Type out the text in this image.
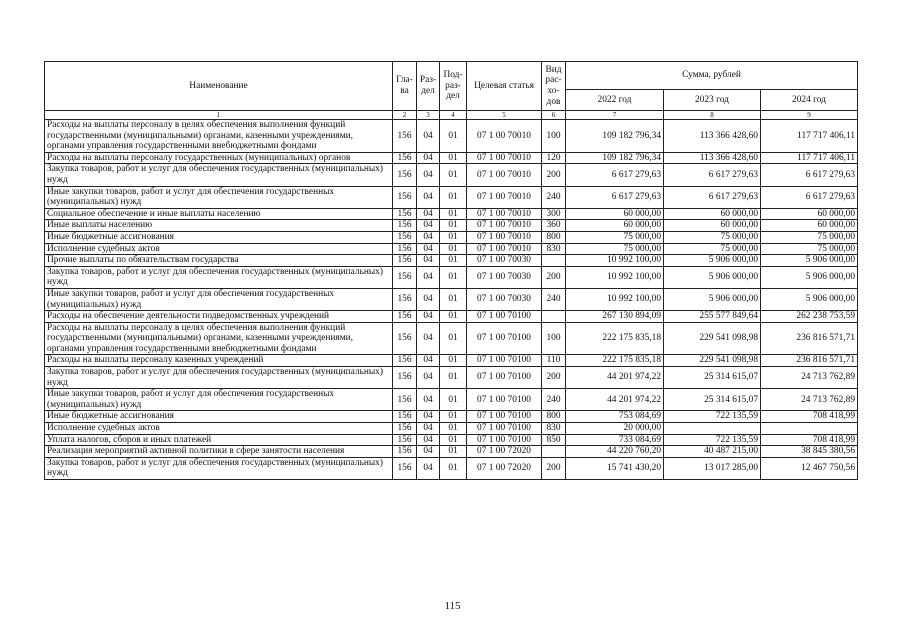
Наименование	Гла-ва	Раз-дел	Под-раз-дел	Целевая статья	Вид рас-хо-дов	Сумма, рублей		
						2022 год	2023 год	2024 год
1	2	3	4	5	6	7	8	9
Расходы на выплаты персоналу в целях обеспечения выполнения функций государственными (муниципальными) органами, казенными учреждениями, органами управления государственными внебюджетными фондами	156	04	01	07 1 00 70010	100	109 182 796,34	113 366 428,60	117 717 406,11
Расходы на выплаты персоналу государственных (муниципальных) органов	156	04	01	07 1 00 70010	120	109 182 796,34	113 366 428,60	117 717 406,11
Закупка товаров, работ и услуг для обеспечения государственных (муниципальных) нужд	156	04	01	07 1 00 70010	200	6 617 279,63	6 617 279,63	6 617 279,63
Иные закупки товаров, работ и услуг для обеспечения государственных (муниципальных) нужд	156	04	01	07 1 00 70010	240	6 617 279,63	6 617 279,63	6 617 279,63
Социальное обеспечение и иные выплаты населению	156	04	01	07 1 00 70010	300	60 000,00	60 000,00	60 000,00
Иные выплаты населению	156	04	01	07 1 00 70010	360	60 000,00	60 000,00	60 000,00
Иные бюджетные ассигнования	156	04	01	07 1 00 70010	800	75 000,00	75 000,00	75 000,00
Исполнение судебных актов	156	04	01	07 1 00 70010	830	75 000,00	75 000,00	75 000,00
Прочие выплаты по обязательствам государства	156	04	01	07 1 00 70030		10 992 100,00	5 906 000,00	5 906 000,00
Закупка товаров, работ и услуг для обеспечения государственных (муниципальных) нужд	156	04	01	07 1 00 70030	200	10 992 100,00	5 906 000,00	5 906 000,00
Иные закупки товаров, работ и услуг для обеспечения государственных (муниципальных) нужд	156	04	01	07 1 00 70030	240	10 992 100,00	5 906 000,00	5 906 000,00
Расходы на обеспечение деятельности подведомственных учреждений	156	04	01	07 1 00 70100		267 130 894,09	255 577 849,64	262 238 753,59
Расходы на выплаты персоналу в целях обеспечения выполнения функций государственными (муниципальными) органами, казенными учреждениями, органами управления государственными внебюджетными фондами	156	04	01	07 1 00 70100	100	222 175 835,18	229 541 098,98	236 816 571,71
Расходы на выплаты персоналу казенных учреждений	156	04	01	07 1 00 70100	110	222 175 835,18	229 541 098,98	236 816 571,71
Закупка товаров, работ и услуг для обеспечения государственных (муниципальных) нужд	156	04	01	07 1 00 70100	200	44 201 974,22	25 314 615,07	24 713 762,89
Иные закупки товаров, работ и услуг для обеспечения государственных (муниципальных) нужд	156	04	01	07 1 00 70100	240	44 201 974,22	25 314 615,07	24 713 762,89
Иные бюджетные ассигнования	156	04	01	07 1 00 70100	800	753 084,69	722 135,59	708 418,99
Исполнение судебных актов	156	04	01	07 1 00 70100	830	20 000,00		
Уплата налогов, сборов и иных платежей	156	04	01	07 1 00 70100	850	733 084,69	722 135,59	708 418,99
Реализация мероприятий активной политики в сфере занятости населения	156	04	01	07 1 00 72020		44 220 760,20	40 487 215,00	38 845 380,56
Закупка товаров, работ и услуг для обеспечения государственных (муниципальных) нужд	156	04	01	07 1 00 72020	200	15 741 430,20	13 017 285,00	12 467 750,56
115
